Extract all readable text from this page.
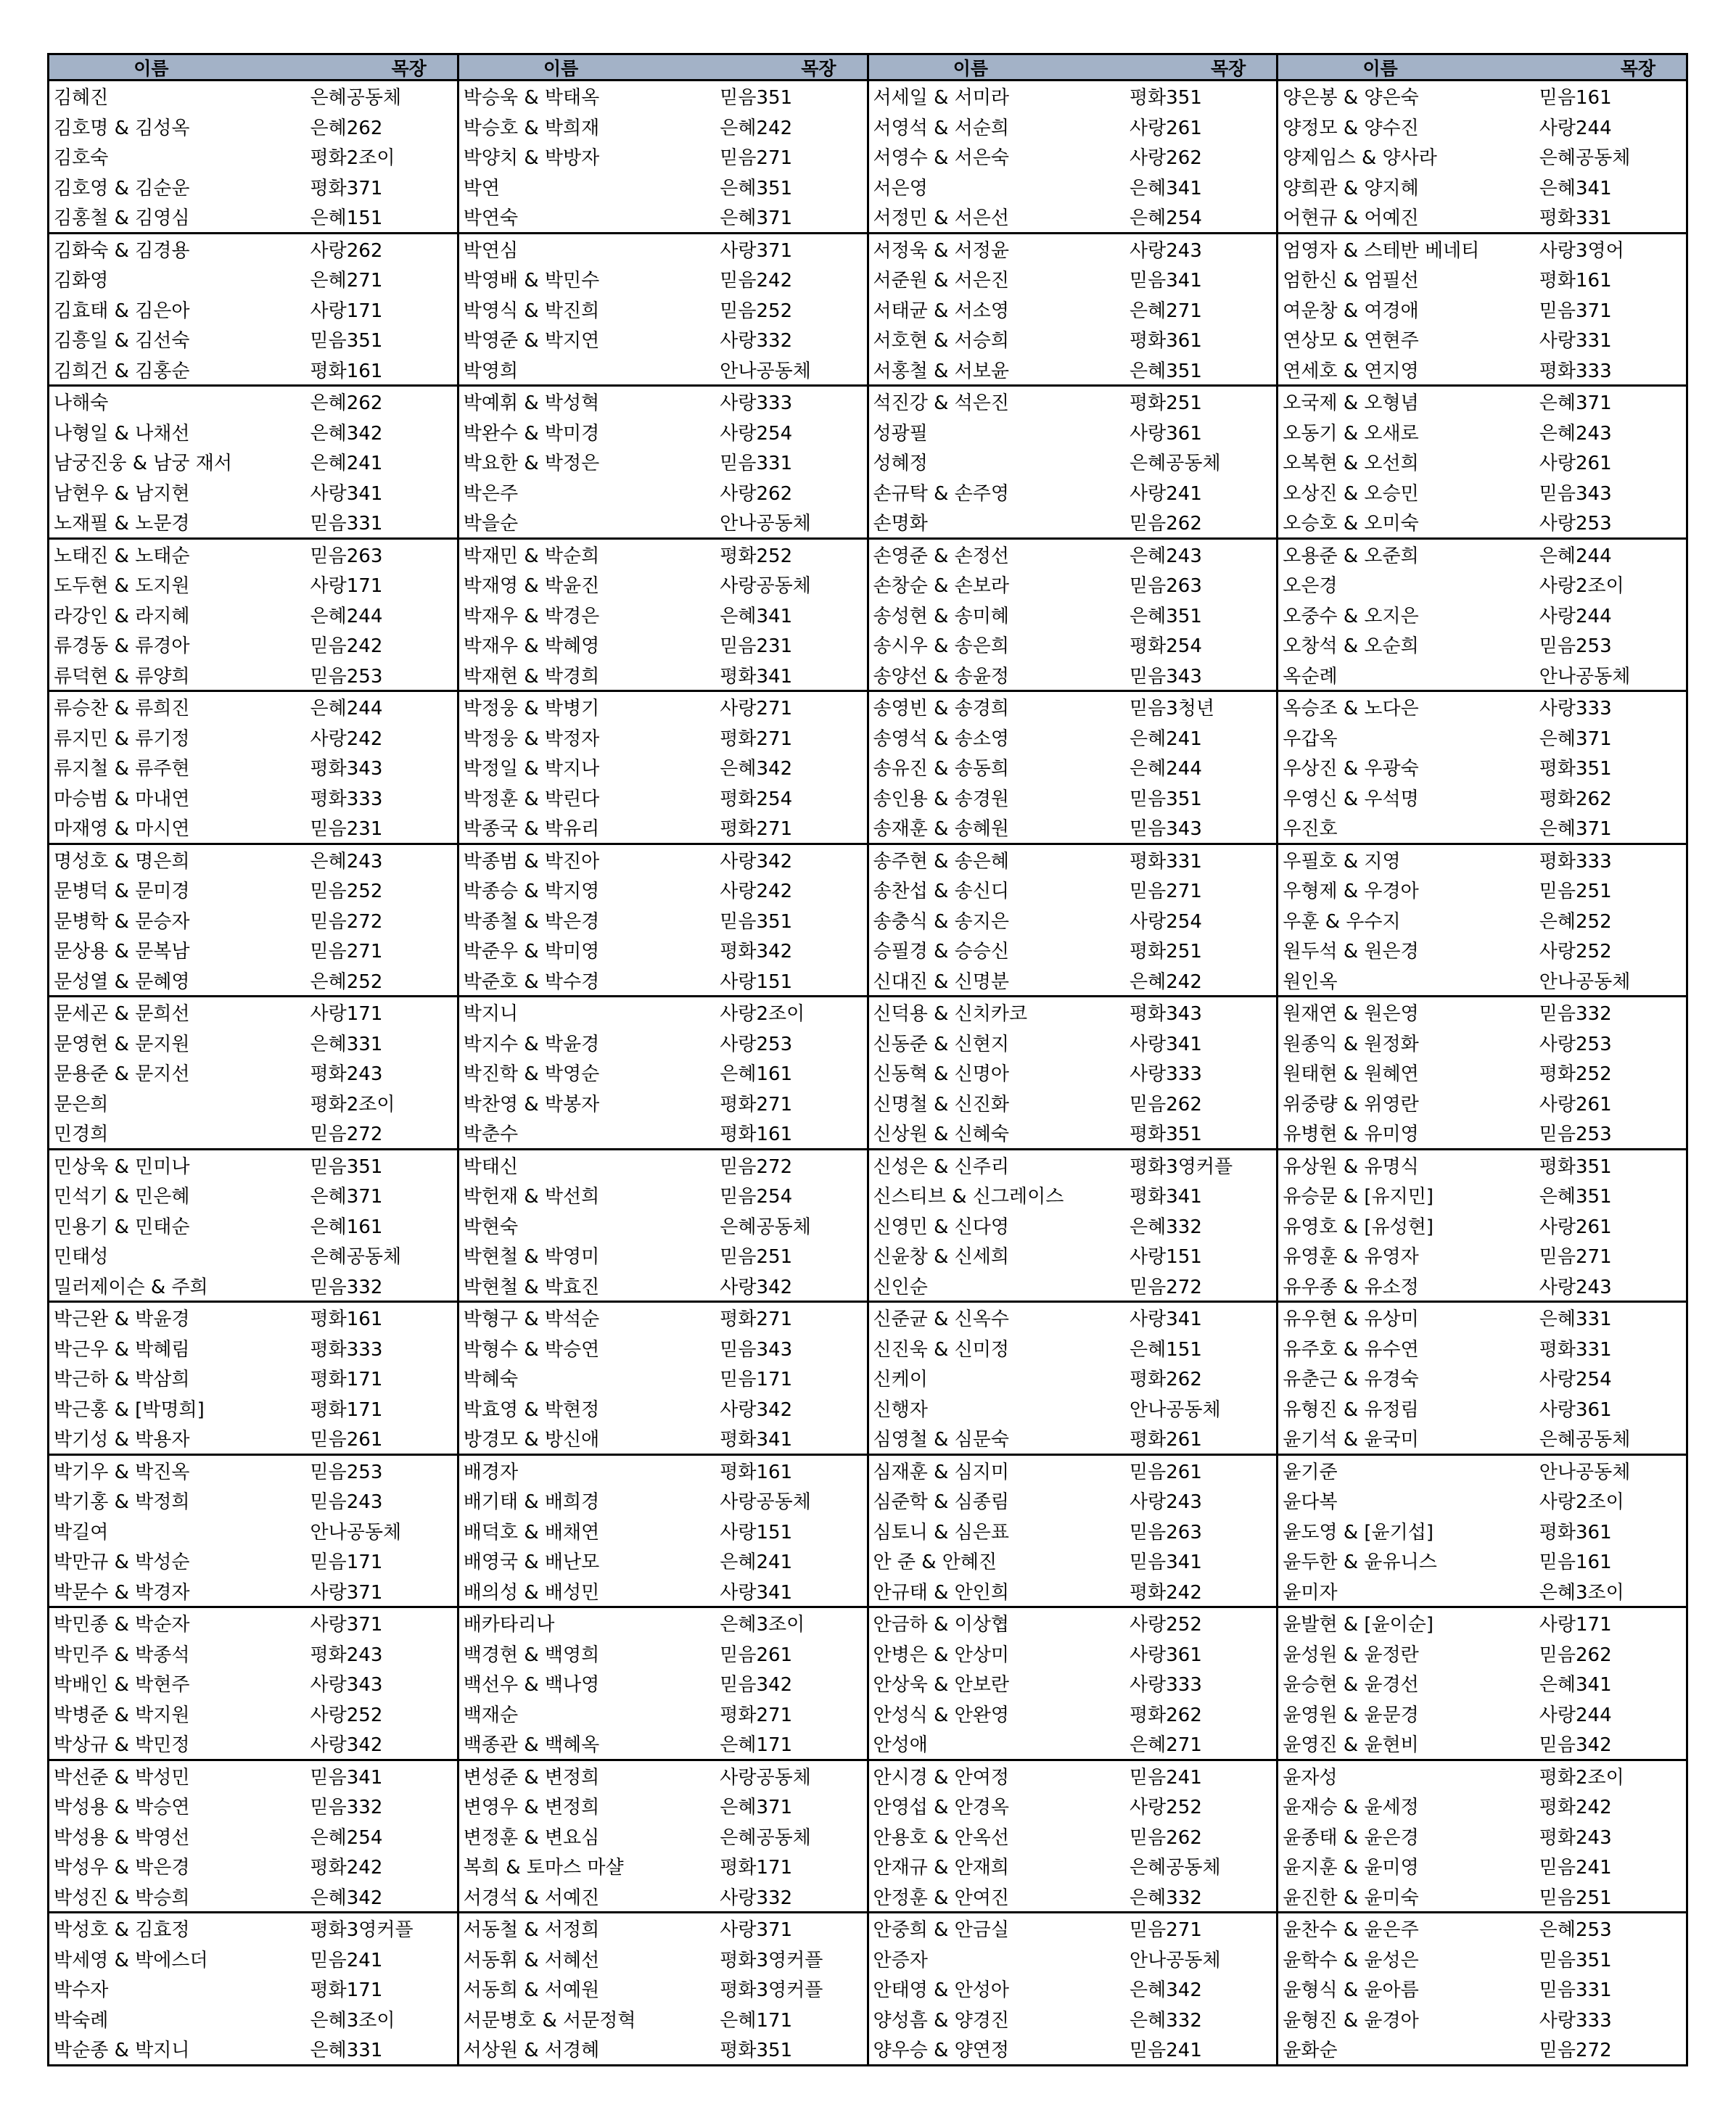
이름	목장
김혜진	은혜공동체
김호명 & 김성옥	은혜262
김호숙	평화2조이
김호영 & 김순운	평화371
김홍철 & 김영심	은혜151
김화숙 & 김경용	사랑262
김화영	은혜271
김효태 & 김은아	사랑171
김흥일 & 김선숙	믿음351
김희건 & 김홍순	평화161
나해숙	은혜262
나형일 & 나채선	은혜342
남궁진웅 & 남궁 재서	은혜241
남현우 & 남지현	사랑341
노재필 & 노문경	믿음331
노태진 & 노태순	믿음263
도두현 & 도지원	사랑171
라강인 & 라지혜	은혜244
류경동 & 류경아	믿음242
류덕현 & 류양희	믿음253
류승찬 & 류희진	은혜244
류지민 & 류기정	사랑242
류지철 & 류주현	평화343
마승범 & 마내연	평화333
마재영 & 마시연	믿음231
명성호 & 명은희	은혜243
문병덕 & 문미경	믿음252
문병학 & 문승자	믿음272
문상용 & 문복남	믿음271
문성열 & 문혜영	은혜252
문세곤 & 문희선	사랑171
문영현 & 문지원	은혜331
문용준 & 문지선	평화243
문은희	평화2조이
민경희	믿음272
민상욱 & 민미나	믿음351
민석기 & 민은혜	은혜371
민용기 & 민태순	은혜161
민태성	은혜공동체
밀러제이슨 & 주희	믿음332
박근완 & 박윤경	평화161
박근우 & 박혜림	평화333
박근하 & 박삼희	평화171
박근홍 & [박명희]	평화171
박기성 & 박용자	믿음261
박기우 & 박진옥	믿음253
박기홍 & 박정희	믿음243
박길여	안나공동체
박만규 & 박성순	믿음171
박문수 & 박경자	사랑371
박민종 & 박순자	사랑371
박민주 & 박종석	평화243
박배인 & 박현주	사랑343
박병준 & 박지원	사랑252
박상규 & 박민정	사랑342
박선준 & 박성민	믿음341
박성용 & 박승연	믿음332
박성용 & 박영선	은혜254
박성우 & 박은경	평화242
박성진 & 박승희	은혜342
박성호 & 김효정	평화3영커플
박세영 & 박에스더	믿음241
박수자	평화171
박숙례	은혜3조이
박순종 & 박지니	은혜331
이름	목장
박승욱 & 박태옥	믿음351
박승호 & 박희재	은혜242
박양치 & 박방자	믿음271
박연	은혜351
박연숙	은혜371
박연심	사랑371
박영배 & 박민수	믿음242
박영식 & 박진희	믿음252
박영준 & 박지연	사랑332
박영희	안나공동체
박예휘 & 박성혁	사랑333
박완수 & 박미경	사랑254
박요한 & 박정은	믿음331
박은주	사랑262
박을순	안나공동체
박재민 & 박순희	평화252
박재영 & 박윤진	사랑공동체
박재우 & 박경은	은혜341
박재우 & 박혜영	믿음231
박재현 & 박경희	평화341
박정웅 & 박병기	사랑271
박정웅 & 박정자	평화271
박정일 & 박지나	은혜342
박정훈 & 박린다	평화254
박종국 & 박유리	평화271
박종범 & 박진아	사랑342
박종승 & 박지영	사랑242
박종철 & 박은경	믿음351
박준우 & 박미영	평화342
박준호 & 박수경	사랑151
박지니	사랑2조이
박지수 & 박윤경	사랑253
박진학 & 박영순	은혜161
박찬영 & 박봉자	평화271
박춘수	평화161
박태신	믿음272
박헌재 & 박선희	믿음254
박현숙	은혜공동체
박현철 & 박영미	믿음251
박현철 & 박효진	사랑342
박형구 & 박석순	평화271
박형수 & 박승연	믿음343
박혜숙	믿음171
박효영 & 박현정	사랑342
방경모 & 방신애	평화341
배경자	평화161
배기태 & 배희경	사랑공동체
배덕호 & 배채연	사랑151
배영국 & 배난모	은혜241
배의성 & 배성민	사랑341
배카타리나	은혜3조이
백경현 & 백영희	믿음261
백선우 & 백나영	믿음342
백재순	평화271
백종관 & 백혜옥	은혜171
변성준 & 변정희	사랑공동체
변영우 & 변정희	은혜371
변정훈 & 변요심	은혜공동체
복희 & 토마스 마샬	평화171
서경석 & 서예진	사랑332
서동철 & 서정희	사랑371
서동휘 & 서혜선	평화3영커플
서동희 & 서예원	평화3영커플
서문병호 & 서문정혁	은혜171
서상원 & 서경혜	평화351
이름	목장
서세일 & 서미라	평화351
서영석 & 서순희	사랑261
서영수 & 서은숙	사랑262
서은영	은혜341
서정민 & 서은선	은혜254
서정욱 & 서정윤	사랑243
서준원 & 서은진	믿음341
서태균 & 서소영	은혜271
서호현 & 서승희	평화361
서홍철 & 서보윤	은혜351
석진강 & 석은진	평화251
성광필	사랑361
성혜정	은혜공동체
손규탁 & 손주영	사랑241
손명화	믿음262
손영준 & 손정선	은혜243
손창순 & 손보라	믿음263
송성현 & 송미혜	은혜351
송시우 & 송은희	평화254
송양선 & 송윤정	믿음343
송영빈 & 송경희	믿음3청년
송영석 & 송소영	은혜241
송유진 & 송동희	은혜244
송인용 & 송경원	믿음351
송재훈 & 송혜원	믿음343
송주현 & 송은혜	평화331
송찬섭 & 송신디	믿음271
송충식 & 송지은	사랑254
승필경 & 승승신	평화251
신대진 & 신명분	은혜242
신덕용 & 신치카코	평화343
신동준 & 신현지	사랑341
신동혁 & 신명아	사랑333
신명철 & 신진화	믿음262
신상원 & 신혜숙	평화351
신성은 & 신주리	평화3영커플
신스티브 & 신그레이스	평화341
신영민 & 신다영	은혜332
신윤창 & 신세희	사랑151
신인순	믿음272
신준균 & 신옥수	사랑341
신진욱 & 신미정	은혜151
신케이	평화262
신행자	안나공동체
심영철 & 심문숙	평화261
심재훈 & 심지미	믿음261
심준학 & 심종림	사랑243
심토니 & 심은표	믿음263
안 준 & 안혜진	믿음341
안규태 & 안인희	평화242
안금하 & 이상협	사랑252
안병은 & 안상미	사랑361
안상욱 & 안보란	사랑333
안성식 & 안완영	평화262
안성애	은혜271
안시경 & 안여정	믿음241
안영섭 & 안경옥	사랑252
안용호 & 안옥선	믿음262
안재규 & 안재희	은혜공동체
안정훈 & 안여진	은혜332
안중희 & 안금실	믿음271
안증자	안나공동체
안태영 & 안성아	은혜342
양성흠 & 양경진	은혜332
양우승 & 양연정	믿음241
이름	목장
양은봉 & 양은숙	믿음161
양정모 & 양수진	사랑244
양제임스 & 양사라	은혜공동체
양희관 & 양지혜	은혜341
어현규 & 어예진	평화331
엄영자 & 스테반 베네티	사랑3영어
엄한신 & 엄필선	평화161
여운창 & 여경애	믿음371
연상모 & 연현주	사랑331
연세호 & 연지영	평화333
오국제 & 오형념	은혜371
오동기 & 오새로	은혜243
오복현 & 오선희	사랑261
오상진 & 오승민	믿음343
오승호 & 오미숙	사랑253
오용준 & 오준희	은혜244
오은경	사랑2조이
오중수 & 오지은	사랑244
오창석 & 오순희	믿음253
옥순례	안나공동체
옥승조 & 노다은	사랑333
우갑옥	은혜371
우상진 & 우광숙	평화351
우영신 & 우석명	평화262
우진호	은혜371
우필호 & 지영	평화333
우형제 & 우경아	믿음251
우훈 & 우수지	은혜252
원두석 & 원은경	사랑252
원인옥	안나공동체
원재연 & 원은영	믿음332
원종익 & 원정화	사랑253
원태현 & 원혜연	평화252
위중량 & 위영란	사랑261
유병현 & 유미영	믿음253
유상원 & 유명식	평화351
유승문 & [유지민]	은혜351
유영호 & [유성현]	사랑261
유영훈 & 유영자	믿음271
유우종 & 유소정	사랑243
유우현 & 유상미	은혜331
유주호 & 유수연	평화331
유춘근 & 유경숙	사랑254
유형진 & 유정림	사랑361
윤기석 & 윤국미	은혜공동체
윤기준	안나공동체
윤다복	사랑2조이
윤도영 & [윤기섭]	평화361
윤두한 & 윤유니스	믿음161
윤미자	은혜3조이
윤발현 & [윤이순]	사랑171
윤성원 & 윤정란	믿음262
윤승현 & 윤경선	은혜341
윤영원 & 윤문경	사랑244
윤영진 & 윤현비	믿음342
윤자성	평화2조이
윤재승 & 윤세정	평화242
윤종태 & 윤은경	평화243
윤지훈 & 윤미영	믿음241
윤진한 & 윤미숙	믿음251
윤찬수 & 윤은주	은혜253
윤학수 & 윤성은	믿음351
윤형식 & 윤아름	믿음331
윤형진 & 윤경아	사랑333
윤화순	믿음272
